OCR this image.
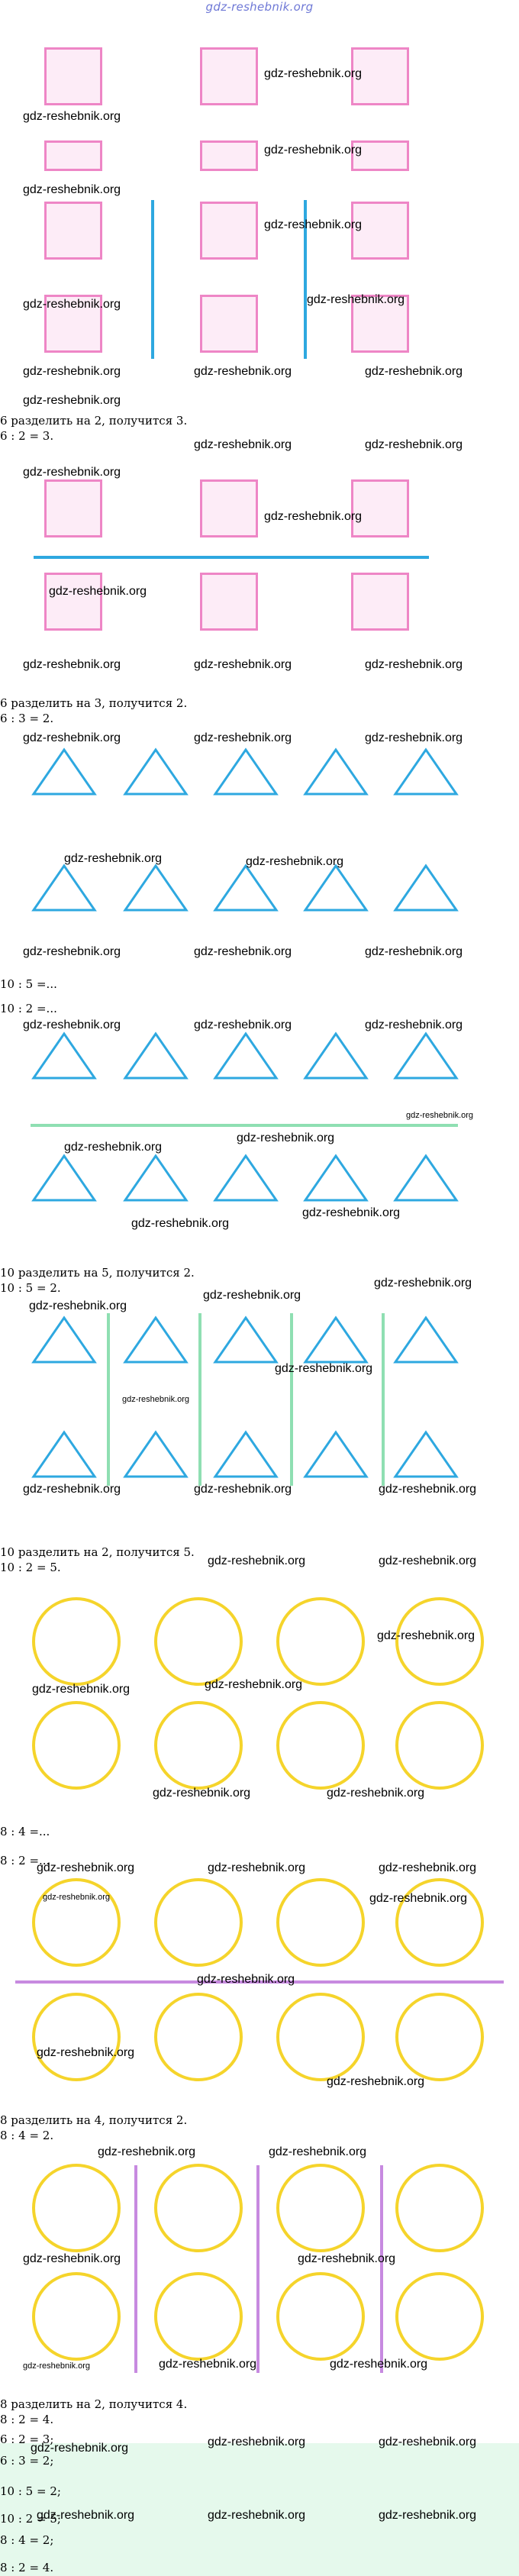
gdz-reshebnik.org
gdz-reshebnik.org
gdz-reshebnik.org
gdz-reshebnik.org
gdz-reshebnik.org
gdz-reshebnik.org
gdz-reshebnik.org	gdz-reshebnik.org
gdz-reshebnik.org	gdz-reshebnik.org	gdz-reshebnik.org
6 разделить на 2, получится 3.
6 : 2 = 3.
gdz-reshebnik.org
gdz-reshebnik.org	gdz-reshebnik.org
gdz-reshebnik.org
gdz-reshebnik.org
gdz-reshebnik.org
gdz-reshebnik.org	gdz-reshebnik.org	gdz-reshebnik.org
6 разделить на 3, получится 2.
6 : 3 = 2.
gdz-reshebnik.org	gdz-reshebnik.org	gdz-reshebnik.org
gdz-reshebnik.org	gdz-reshebnik.org
gdz-reshebnik.org	gdz-reshebnik.org	gdz-reshebnik.org
10 : 5 =...
10 : 2 =...
gdz-reshebnik.org	gdz-reshebnik.org	gdz-reshebnik.org
gdz-reshebnik.org
gdz-reshebnik.org
gdz-reshebnik.org
gdz-reshebnik.org
gdz-reshebnik.org
10 разделить на 5, получится 2.
10 : 5 = 2.	gdz-reshebnik.org
gdz-reshebnik.org
gdz-reshebnik.org
gdz-reshebnik.org
gdz-reshebnik.org
gdz-reshebnik.org	gdz-reshebnik.org	gdz-reshebnik.org
10 разделить на 2, получится 5.
10 : 2 = 5.	gdz-reshebnik.org	gdz-reshebnik.org
gdz-reshebnik.org
gdz-reshebnik.org
gdz-reshebnik.org
gdz-reshebnik.org	gdz-reshebnik.org
8 : 4 =...
8 : 2 =...
gdz-reshebnik.org	gdz-reshebnik.org	gdz-reshebnik.org
gdz-reshebnik.org	gdz-reshebnik.org
gdz-reshebnik.org
gdz-reshebnik.org
gdz-reshebnik.org
8 разделить на 4, получится 2.
8 : 4 = 2.
gdz-reshebnik.org	gdz-reshebnik.org
gdz-reshebnik.org	gdz-reshebnik.org
gdz-reshebnik.org	gdz-reshebnik.org	gdz-reshebnik.org
8 разделить на 2, получится 4.
8 : 2 = 4.
6 : 2 = 3;
6 : 3 = 2;
10 : 5 = 2;
10 : 2 = 5;
8 : 4 = 2;
8 : 2 = 4.
gdz-reshebnik.org	gdz-reshebnik.org	gdz-reshebnik.org
gdz-reshebnik.org	gdz-reshebnik.org	gdz-reshebnik.org
